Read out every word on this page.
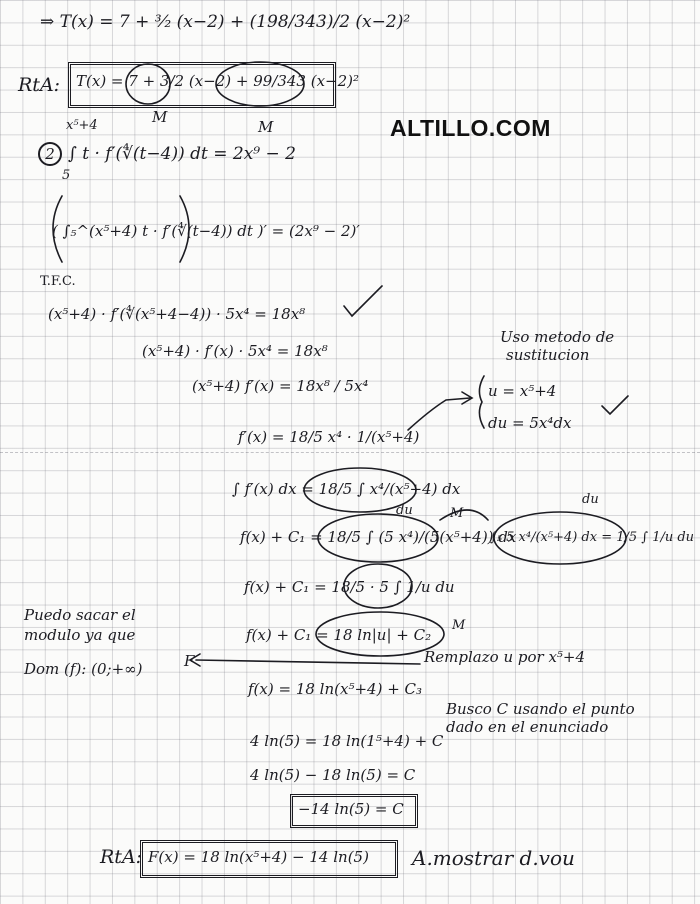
ALTILLO.COM
⇒ T(x) = 7 + ³⁄₂ (x−2) + (198/343)/2 (x−2)²
RtA: T(x) = 7 + 3/2 (x−2) + 99/343 (x−2)²
M
M
2
x⁵+4
5
∫ t · f′(∜(t−4)) dt = 2x⁹ − 2
( ∫₅^(x⁵+4) t · f′(∜(t−4)) dt )′ = (2x⁹ − 2)′
T.F.C.
(x⁵+4) · f′(∜(x⁵+4−4)) · 5x⁴ = 18x⁸
(x⁵+4) · f′(x) · 5x⁴ = 18x⁸
(x⁵+4) f′(x) = 18x⁸ / 5x⁴
f′(x) = 18/5 x⁴ · 1/(x⁵+4)
∫ f′(x) dx = 18/5 ∫ x⁴/(x⁵+4) dx
du
f(x) + C₁ = 18/5 ∫ (5 x⁴)/(5(x⁵+4)) dx
M
f(x) + C₁ = 18/5 · 5 ∫ 1/u du
f(x) + C₁ = 18 ln|u| + C₂
M
f(x) = 18 ln(x⁵+4) + C₃
4 ln(5) = 18 ln(1⁵+4) + C
4 ln(5) − 18 ln(5) = C
−14 ln(5) = C
Uso metodo de
sustitucion
u = x⁵+4
du = 5x⁴dx
du
∫₅ 5 x⁴/(x⁵+4) dx = 1/5 ∫ 1/u du
Remplazo u por x⁵+4
Busco C usando el punto
dado en el enunciado
Puedo sacar el
modulo ya que
Dom (f): (0;+∞)	F
RtA: F(x) = 18 ln(x⁵+4) − 14 ln(5) A.mostrar d.vou
